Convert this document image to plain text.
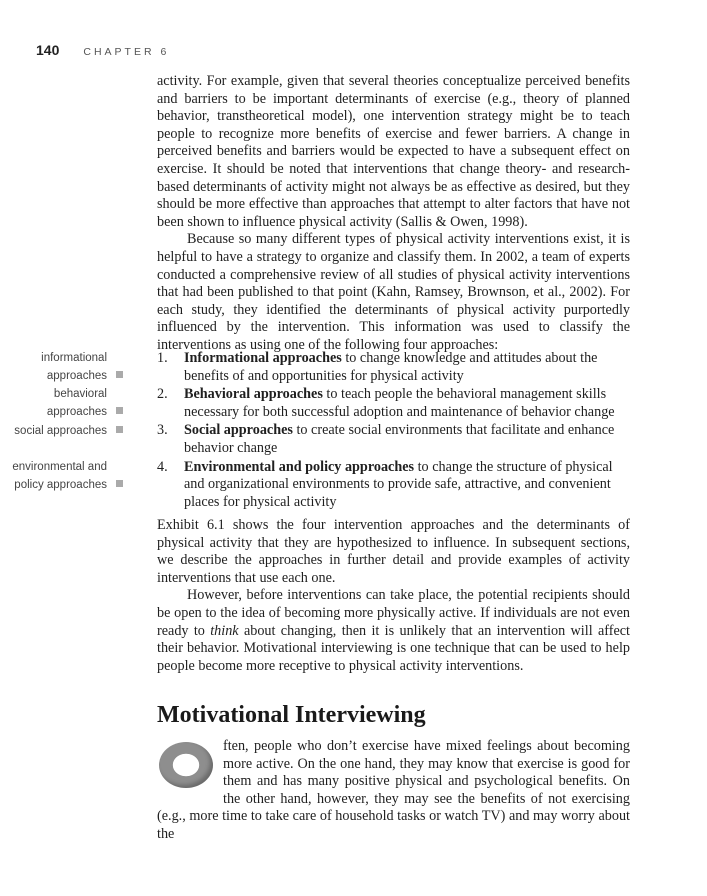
140 CHAPTER 6

activity. For example, given that several theories conceptualize perceived benefits and barriers to be important determinants of exercise (e.g., theory of planned behavior, transtheoretical model), one intervention strategy might be to teach people to recognize more benefits of exercise and fewer barriers. A change in perceived benefits and barriers would be expected to have a subsequent effect on exercise. It should be noted that interventions that change theory- and research-based determinants of activity might not always be as effective as desired, but they should be more effective than approaches that attempt to alter factors that have not been shown to influence physical activity (Sallis & Owen, 1998).

Because so many different types of physical activity interventions exist, it is helpful to have a strategy to organize and classify them. In 2002, a team of experts conducted a comprehensive review of all studies of physical activity interventions that had been published to that point (Kahn, Ramsey, Brownson, et al., 2002). For each study, they identified the determinants of physical activity purportedly influenced by the intervention. This information was used to classify the interventions as using one of the following four approaches:

informational
approaches
behavioral
approaches
social approaches
environmental and
policy approaches
1. Informational approaches to change knowledge and attitudes about the benefits of and opportunities for physical activity
2. Behavioral approaches to teach people the behavioral management skills necessary for both successful adoption and maintenance of behavior change
3. Social approaches to create social environments that facilitate and enhance behavior change
4. Environmental and policy approaches to change the structure of physical and organizational environments to provide safe, attractive, and convenient places for physical activity

Exhibit 6.1 shows the four intervention approaches and the determinants of physical activity that they are hypothesized to influence. In subsequent sections, we describe the approaches in further detail and provide examples of activity interventions that use each one.

However, before interventions can take place, the potential recipients should be open to the idea of becoming more physically active. If individuals are not even ready to think about changing, then it is unlikely that an intervention will affect their behavior. Motivational interviewing is one technique that can be used to help people become more receptive to physical activity interventions.

Motivational Interviewing
ften, people who don’t exercise have mixed feelings about becoming more active. On the one hand, they may know that exercise is good for them and has many positive physical and psychological benefits. On the other hand, however, they may see the benefits of not exercising (e.g., more time to take care of household tasks or watch TV) and may worry about the
